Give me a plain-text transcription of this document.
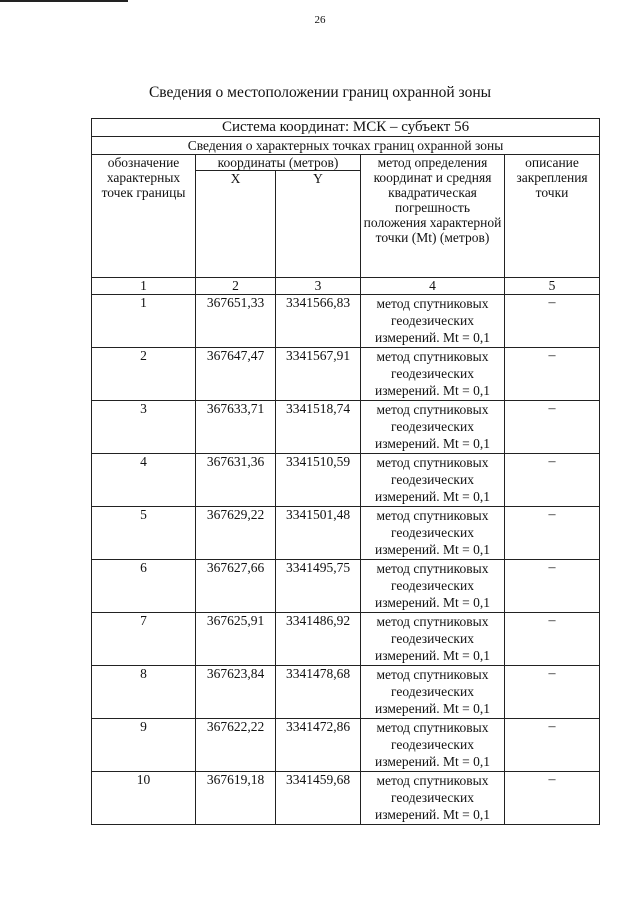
26
Сведения о местоположении границ охранной зоны
Система координат: МСК – субъект 56				
Сведения о характерных точках границ охранной зоны				
обозначение характерных точек границы	координаты (метров)		метод определения координат и средняя квадратическая погрешность положения характерной точки (Mt) (метров)	описание закрепления точки
	X	Y		
1	2	3	4	5
1	367651,33	3341566,83	метод спутниковых геодезических измерений. Mt = 0,1	–
2	367647,47	3341567,91	метод спутниковых геодезических измерений. Mt = 0,1	–
3	367633,71	3341518,74	метод спутниковых геодезических измерений. Mt = 0,1	–
4	367631,36	3341510,59	метод спутниковых геодезических измерений. Mt = 0,1	–
5	367629,22	3341501,48	метод спутниковых геодезических измерений. Mt = 0,1	–
6	367627,66	3341495,75	метод спутниковых геодезических измерений. Mt = 0,1	–
7	367625,91	3341486,92	метод спутниковых геодезических измерений. Mt = 0,1	–
8	367623,84	3341478,68	метод спутниковых геодезических измерений. Mt = 0,1	–
9	367622,22	3341472,86	метод спутниковых геодезических измерений. Mt = 0,1	–
10	367619,18	3341459,68	метод спутниковых геодезических измерений. Mt = 0,1	–
